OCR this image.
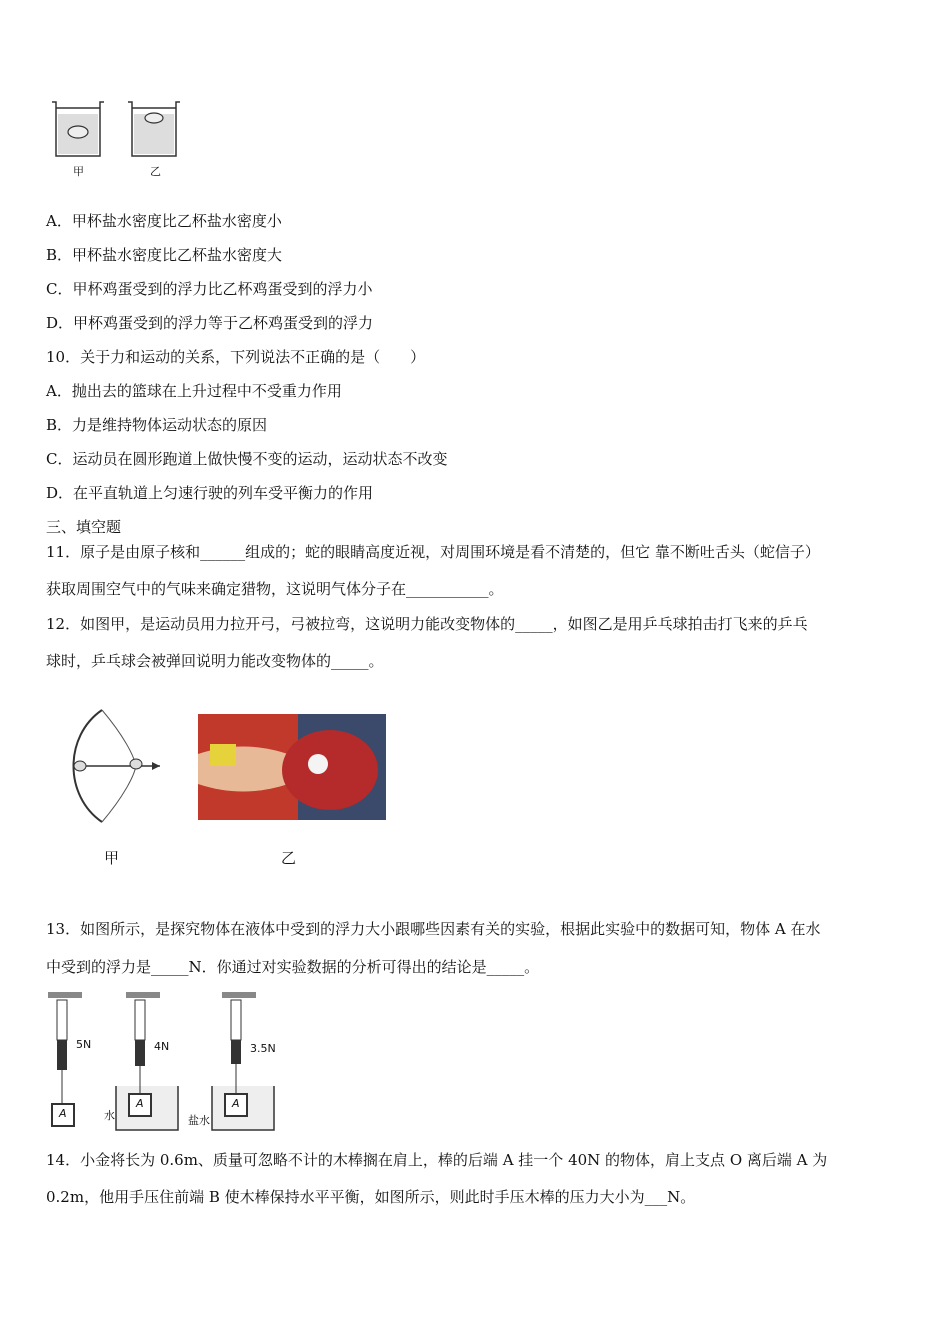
甲	乙
A．甲杯盐水密度比乙杯盐水密度小
B．甲杯盐水密度比乙杯盐水密度大
C．甲杯鸡蛋受到的浮力比乙杯鸡蛋受到的浮力小
D．甲杯鸡蛋受到的浮力等于乙杯鸡蛋受到的浮力
10．关于力和运动的关系，下列说法不正确的是（　　）
A．抛出去的篮球在上升过程中不受重力作用
B．力是维持物体运动状态的原因
C．运动员在圆形跑道上做快慢不变的运动，运动状态不改变
D．在平直轨道上匀速行驶的列车受平衡力的作用
三、填空题
11．原子是由原子核和______组成的；蛇的眼睛高度近视，对周围环境是看不清楚的，但它 靠不断吐舌头（蛇信子）
获取周围空气中的气味来确定猎物，这说明气体分子在___________。
12．如图甲，是运动员用力拉开弓，弓被拉弯，这说明力能改变物体的_____，如图乙是用乒乓球拍击打飞来的乒乓
球时，乒乓球会被弹回说明力能改变物体的_____。
甲	乙
13．如图所示，是探究物体在液体中受到的浮力大小跟哪些因素有关的实验，根据此实验中的数据可知，物体 A 在水
中受到的浮力是_____N．你通过对实验数据的分析可得出的结论是_____。
5N	4N	3.5N
A
A	A
水	盐水
14．小金将长为 0.6m、质量可忽略不计的木棒搁在肩上，棒的后端 A 挂一个 40N 的物体，肩上支点 O 离后端 A 为
0.2m，他用手压住前端 B 使木棒保持水平平衡，如图所示，则此时手压木棒的压力大小为___N。
